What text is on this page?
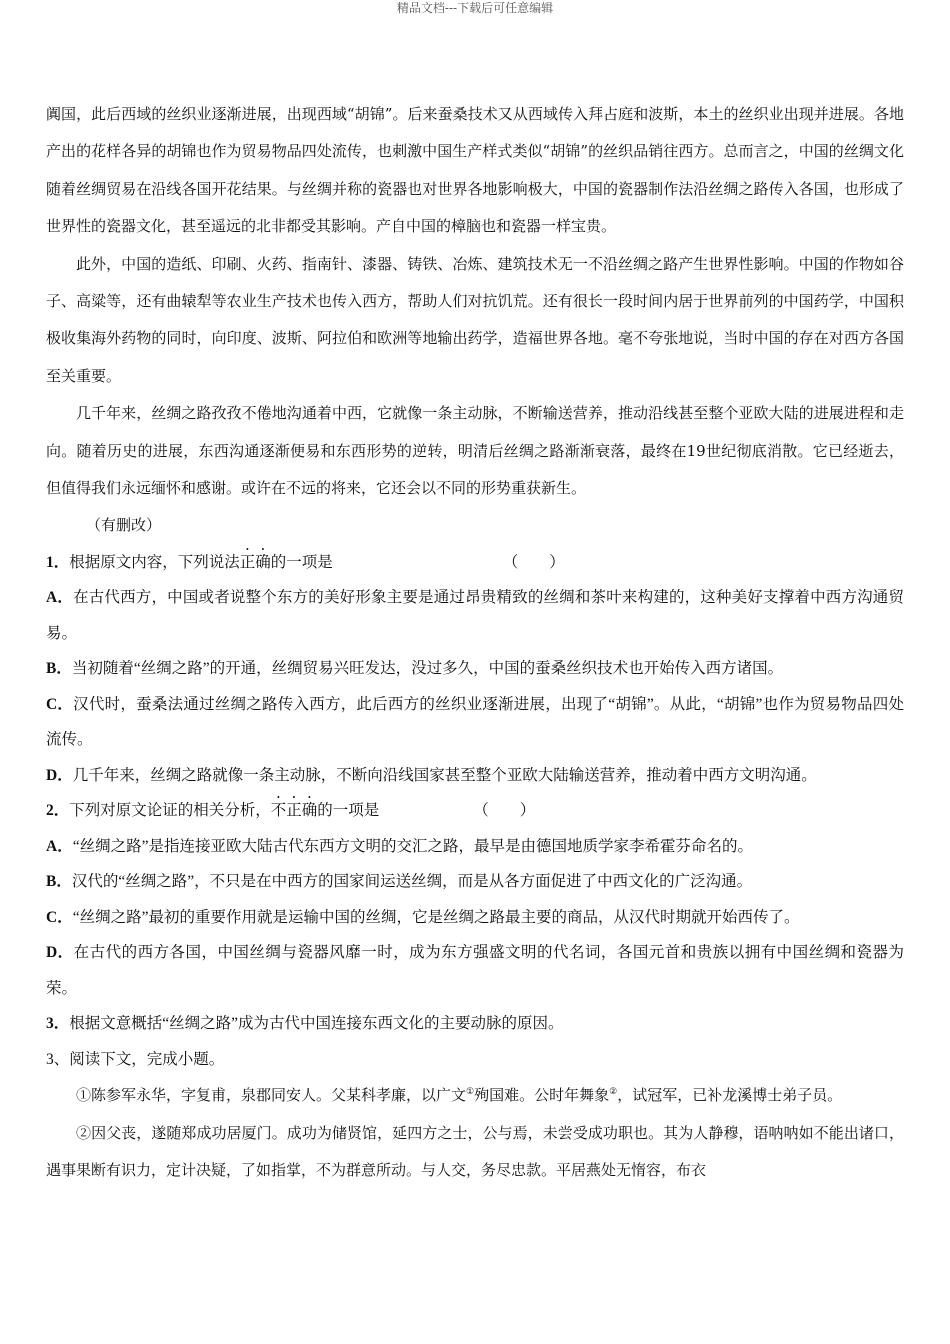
精品文档---下载后可任意编辑

阗国，此后西域的丝织业逐渐进展，出现西域“胡锦”。后来蚕桑技术又从西域传入拜占庭和波斯，本土的丝织业出现并进展。各地产出的花样各异的胡锦也作为贸易物品四处流传，也刺激中国生产样式类似“胡锦”的丝织品销往西方。总而言之，中国的丝绸文化随着丝绸贸易在沿线各国开花结果。与丝绸并称的瓷器也对世界各地影响极大，中国的瓷器制作法沿丝绸之路传入各国，也形成了世界性的瓷器文化，甚至遥远的北非都受其影响。产自中国的樟脑也和瓷器一样宝贵。

此外，中国的造纸、印刷、火药、指南针、漆器、铸铁、冶炼、建筑技术无一不沿丝绸之路产生世界性影响。中国的作物如谷子、高粱等，还有曲辕犁等农业生产技术也传入西方，帮助人们对抗饥荒。还有很长一段时间内居于世界前列的中国药学，中国积极收集海外药物的同时，向印度、波斯、阿拉伯和欧洲等地输出药学，造福世界各地。毫不夸张地说，当时中国的存在对西方各国至关重要。

几千年来，丝绸之路孜孜不倦地沟通着中西，它就像一条主动脉，不断输送营养，推动沿线甚至整个亚欧大陆的进展进程和走向。随着历史的进展，东西沟通逐渐便易和东西形势的逆转，明清后丝绸之路渐渐衰落，最终在19世纪彻底消散。它已经逝去，但值得我们永远缅怀和感谢。或许在不远的将来，它还会以不同的形势重获新生。

（有删改）

1．根据原文内容，下列说法正确的一项是	（　　）

A．在古代西方，中国或者说整个东方的美好形象主要是通过昂贵精致的丝绸和茶叶来构建的，这种美好支撑着中西方沟通贸易。

B．当初随着“丝绸之路”的开通，丝绸贸易兴旺发达，没过多久，中国的蚕桑丝织技术也开始传入西方诸国。

C．汉代时，蚕桑法通过丝绸之路传入西方，此后西方的丝织业逐渐进展，出现了“胡锦”。从此，“胡锦”也作为贸易物品四处流传。

D．几千年来，丝绸之路就像一条主动脉，不断向沿线国家甚至整个亚欧大陆输送营养，推动着中西方文明沟通。

2．下列对原文论证的相关分析，不正确的一项是	（　　）

A．“丝绸之路”是指连接亚欧大陆古代东西方文明的交汇之路，最早是由德国地质学家李希霍芬命名的。

B．汉代的“丝绸之路”，不只是在中西方的国家间运送丝绸，而是从各方面促进了中西文化的广泛沟通。

C．“丝绸之路”最初的重要作用就是运输中国的丝绸，它是丝绸之路最主要的商品，从汉代时期就开始西传了。

D．在古代的西方各国，中国丝绸与瓷器风靡一时，成为东方强盛文明的代名词，各国元首和贵族以拥有中国丝绸和瓷器为荣。

3．根据文意概括“丝绸之路”成为古代中国连接东西文化的主要动脉的原因。

3、阅读下文，完成小题。

①陈参军永华，字复甫，泉郡同安人。父某科孝廉，以广文①殉国难。公时年舞象②，试冠军，已补龙溪博士弟子员。

②因父丧，遂随郑成功居厦门。成功为储贤馆，延四方之士，公与焉，未尝受成功职也。其为人静穆，语呐呐如不能出诸口，遇事果断有识力，定计决疑，了如指掌，不为群意所动。与人交，务尽忠款。平居燕处无惰容，布衣
